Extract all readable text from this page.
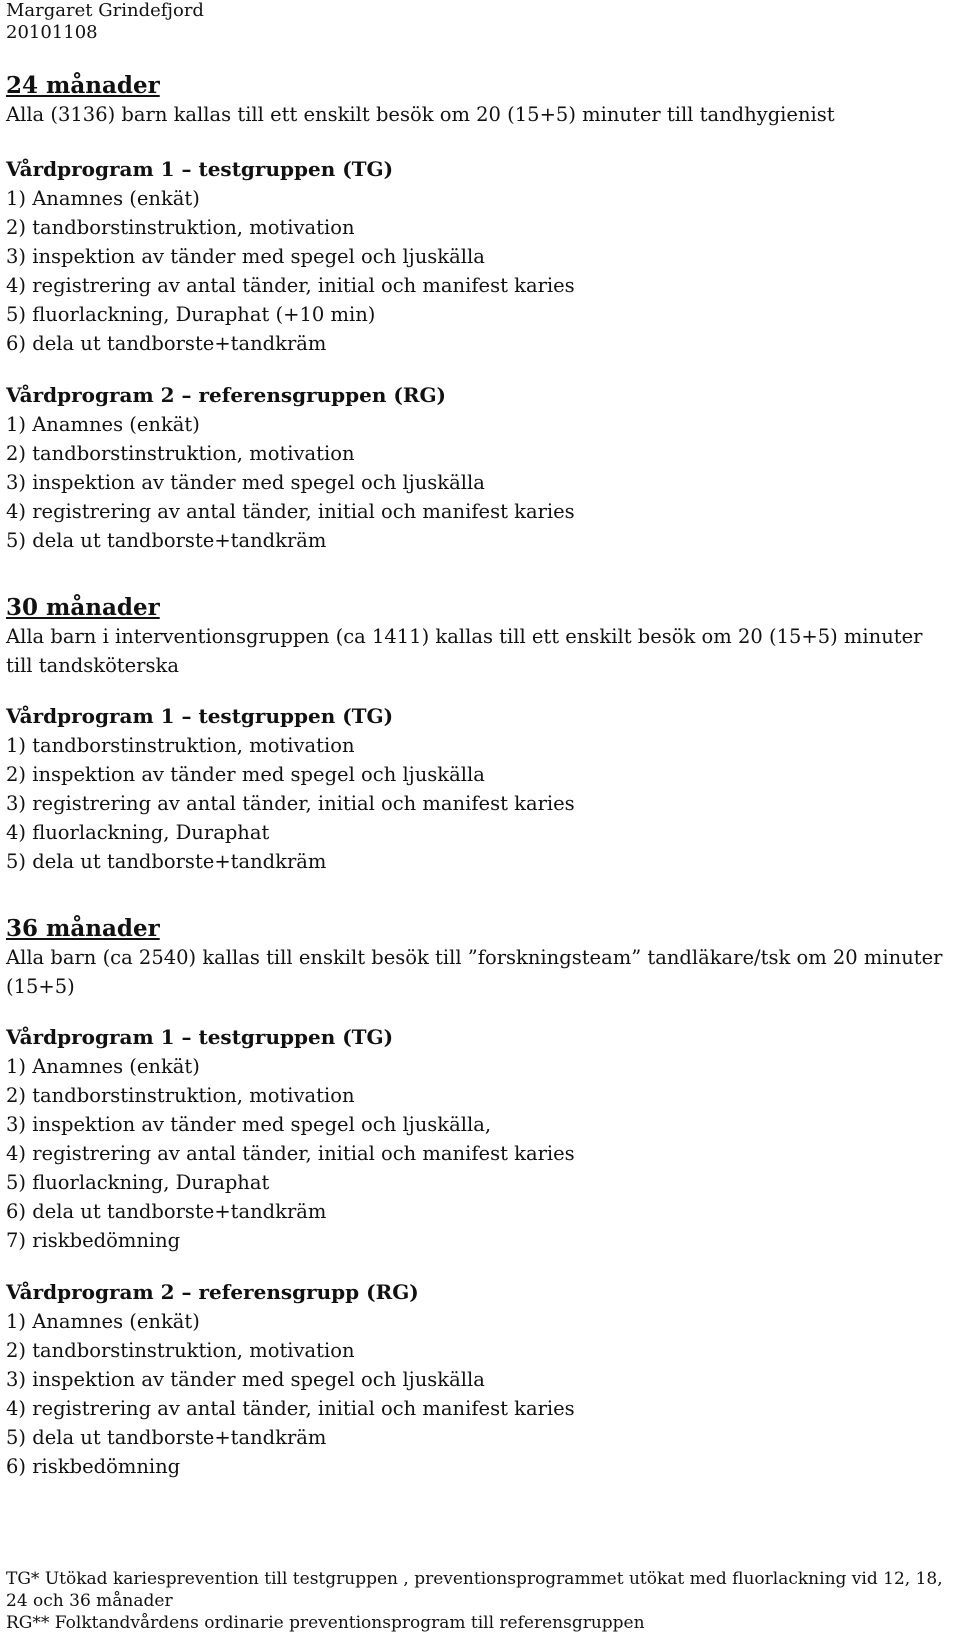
Margaret Grindefjord
20101108
24 månader
Alla (3136) barn kallas till ett enskilt besök om 20 (15+5) minuter till tandhygienist
Vårdprogram 1 – testgruppen (TG)
1) Anamnes (enkät)
2) tandborstinstruktion, motivation
3) inspektion av tänder med spegel och ljuskälla
4) registrering av antal tänder, initial och manifest karies
5) fluorlackning, Duraphat (+10 min)
6) dela ut tandborste+tandkräm
Vårdprogram 2 – referensgruppen (RG)
1) Anamnes (enkät)
2) tandborstinstruktion, motivation
3) inspektion av tänder med spegel och ljuskälla
4) registrering av antal tänder, initial och manifest karies
5) dela ut tandborste+tandkräm
30 månader
Alla barn i interventionsgruppen (ca 1411) kallas till ett enskilt besök om 20 (15+5) minuter till tandsköterska
Vårdprogram 1 – testgruppen (TG)
1) tandborstinstruktion, motivation
2) inspektion av tänder med spegel och ljuskälla
3) registrering av antal tänder, initial och manifest karies
4) fluorlackning, Duraphat
5) dela ut tandborste+tandkräm
36 månader
Alla barn (ca 2540) kallas till enskilt besök till ”forskningsteam” tandläkare/tsk om 20 minuter (15+5)
Vårdprogram 1 – testgruppen (TG)
1) Anamnes (enkät)
2) tandborstinstruktion, motivation
3) inspektion av tänder med spegel och ljuskälla,
4) registrering av antal tänder, initial och manifest karies
5) fluorlackning, Duraphat
6) dela ut tandborste+tandkräm
7) riskbedömning
Vårdprogram 2 – referensgrupp (RG)
1) Anamnes (enkät)
2) tandborstinstruktion, motivation
3) inspektion av tänder med spegel och ljuskälla
4) registrering av antal tänder, initial och manifest karies
5) dela ut tandborste+tandkräm
6) riskbedömning
TG* Utökad kariesprevention till testgruppen , preventionsprogrammet utökat med fluorlackning vid 12, 18, 24 och 36 månader
RG** Folktandvårdens ordinarie preventionsprogram till referensgruppen
